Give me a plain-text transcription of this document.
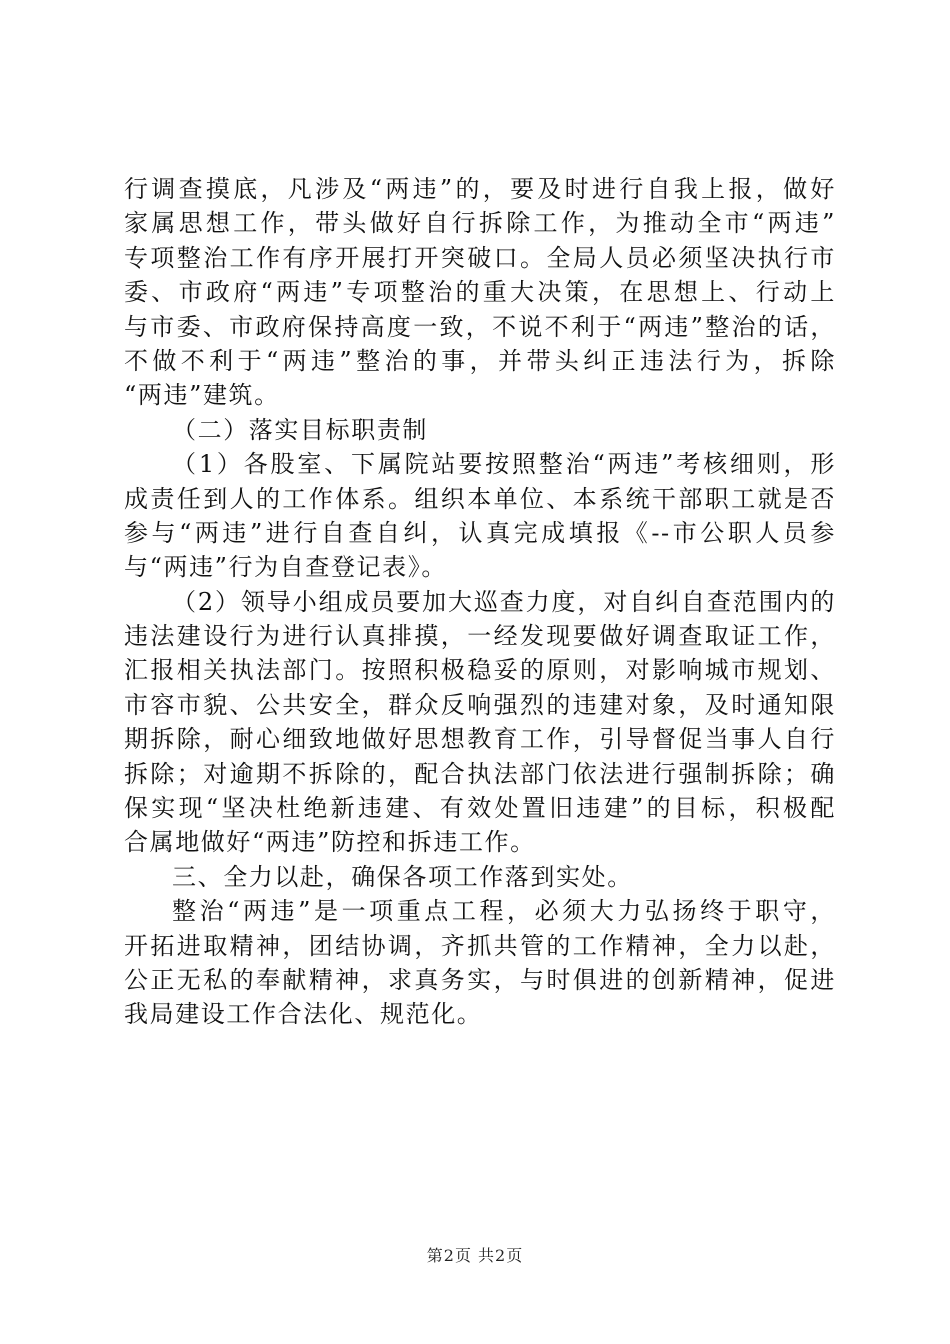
行调查摸底，凡涉及“两违”的，要及时进行自我上报，做好
家属思想工作，带头做好自行拆除工作，为推动全市“两违”
专项整治工作有序开展打开突破口。全局人员必须坚决执行市
委、市政府“两违”专项整治的重大决策，在思想上、行动上
与市委、市政府保持高度一致，不说不利于“两违”整治的话，
不做不利于“两违”整治的事，并带头纠正违法行为，拆除
“两违”建筑。
（二）落实目标职责制
（1）各股室、下属院站要按照整治“两违”考核细则，形
成责任到人的工作体系。组织本单位、本系统干部职工就是否
参与“两违”进行自查自纠，认真完成填报《--市公职人员参
与“两违”行为自查登记表》。
（2）领导小组成员要加大巡查力度，对自纠自查范围内的
违法建设行为进行认真排摸，一经发现要做好调查取证工作，
汇报相关执法部门。按照积极稳妥的原则，对影响城市规划、
市容市貌、公共安全，群众反响强烈的违建对象，及时通知限
期拆除，耐心细致地做好思想教育工作，引导督促当事人自行
拆除；对逾期不拆除的，配合执法部门依法进行强制拆除；确
保实现“坚决杜绝新违建、有效处置旧违建”的目标，积极配
合属地做好“两违”防控和拆违工作。
三、全力以赴，确保各项工作落到实处。
整治“两违”是一项重点工程，必须大力弘扬终于职守，
开拓进取精神，团结协调，齐抓共管的工作精神，全力以赴，
公正无私的奉献精神，求真务实，与时俱进的创新精神，促进
我局建设工作合法化、规范化。
第2页 共2页
